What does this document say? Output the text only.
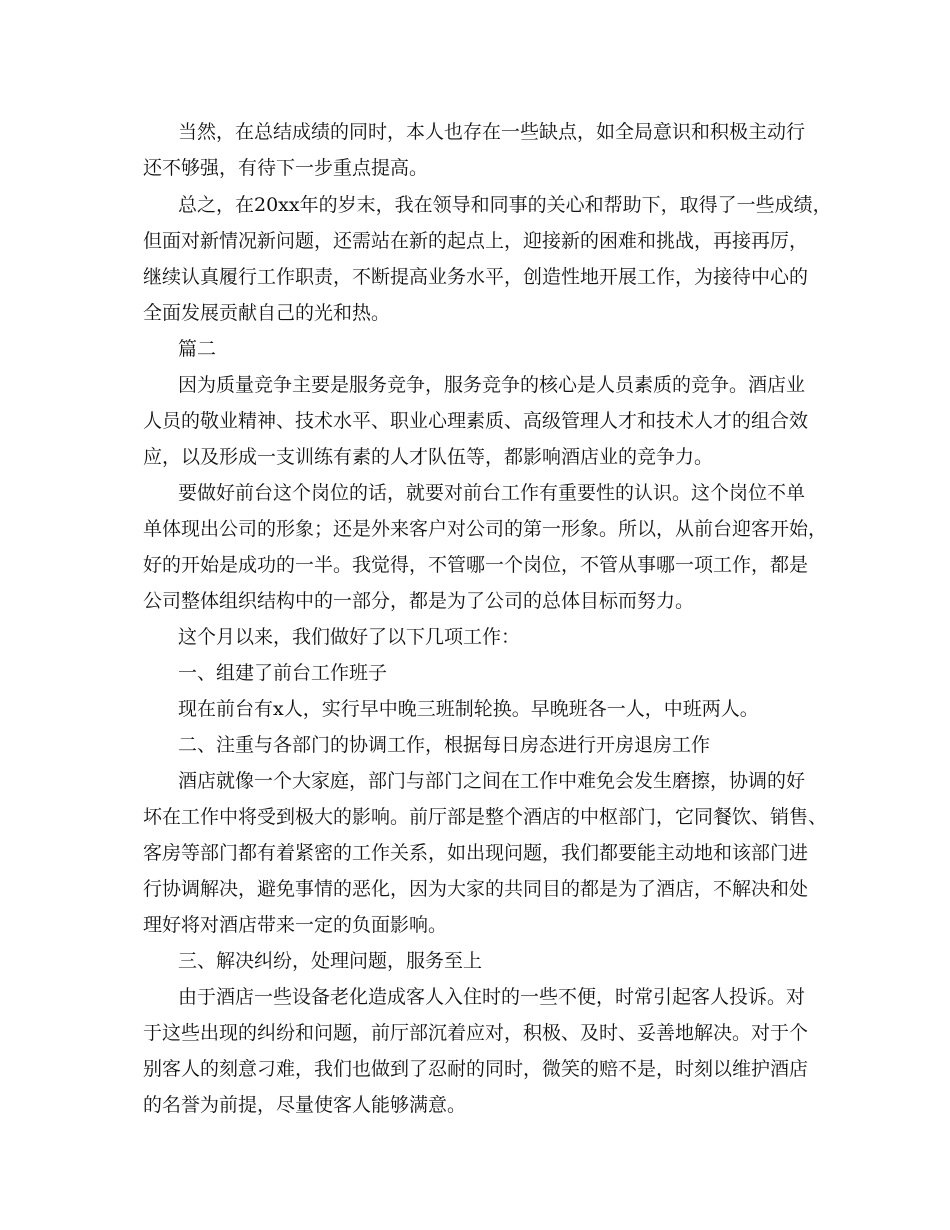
当然，在总结成绩的同时，本人也存在一些缺点，如全局意识和积极主动行
还不够强，有待下一步重点提高。
总之，在20xx年的岁末，我在领导和同事的关心和帮助下，取得了一些成绩，
但面对新情况新问题，还需站在新的起点上，迎接新的困难和挑战，再接再厉，
继续认真履行工作职责，不断提高业务水平，创造性地开展工作，为接待中心的
全面发展贡献自己的光和热。
篇二
因为质量竞争主要是服务竞争，服务竞争的核心是人员素质的竞争。酒店业
人员的敬业精神、技术水平、职业心理素质、高级管理人才和技术人才的组合效
应，以及形成一支训练有素的人才队伍等，都影响酒店业的竞争力。
要做好前台这个岗位的话，就要对前台工作有重要性的认识。这个岗位不单
单体现出公司的形象；还是外来客户对公司的第一形象。所以，从前台迎客开始，
好的开始是成功的一半。我觉得，不管哪一个岗位，不管从事哪一项工作，都是
公司整体组织结构中的一部分，都是为了公司的总体目标而努力。
这个月以来，我们做好了以下几项工作：
一、组建了前台工作班子
现在前台有x人，实行早中晚三班制轮换。早晚班各一人，中班两人。
二、注重与各部门的协调工作，根据每日房态进行开房退房工作
酒店就像一个大家庭，部门与部门之间在工作中难免会发生磨擦，协调的好
坏在工作中将受到极大的影响。前厅部是整个酒店的中枢部门，它同餐饮、销售、
客房等部门都有着紧密的工作关系，如出现问题，我们都要能主动地和该部门进
行协调解决，避免事情的恶化，因为大家的共同目的都是为了酒店，不解决和处
理好将对酒店带来一定的负面影响。
三、解决纠纷，处理问题，服务至上
由于酒店一些设备老化造成客人入住时的一些不便，时常引起客人投诉。对
于这些出现的纠纷和问题，前厅部沉着应对，积极、及时、妥善地解决。对于个
别客人的刻意刁难，我们也做到了忍耐的同时，微笑的赔不是，时刻以维护酒店
的名誉为前提，尽量使客人能够满意。
